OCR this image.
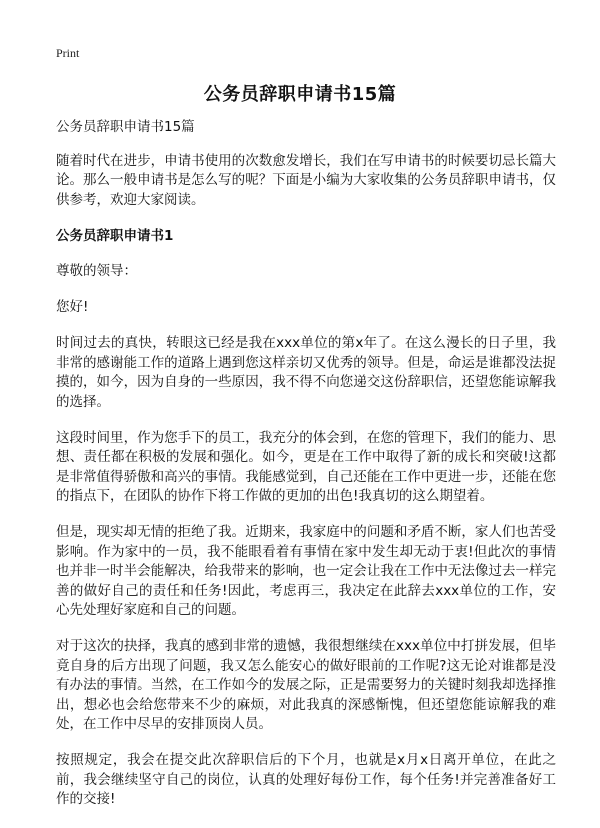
Print
公务员辞职申请书15篇

公务员辞职申请书15篇

随着时代在进步，申请书使用的次数愈发增长，我们在写申请书的时候要切忌长篇大论。那么一般申请书是怎么写的呢？下面是小编为大家收集的公务员辞职申请书，仅供参考，欢迎大家阅读。

公务员辞职申请书1

尊敬的领导：

您好!

时间过去的真快，转眼这已经是我在xxx单位的第x年了。在这么漫长的日子里，我非常的感谢能工作的道路上遇到您这样亲切又优秀的领导。但是，命运是谁都没法捉摸的，如今，因为自身的一些原因，我不得不向您递交这份辞职信，还望您能谅解我的选择。

这段时间里，作为您手下的员工，我充分的体会到，在您的管理下，我们的能力、思想、责任都在积极的发展和强化。如今，更是在工作中取得了新的成长和突破!这都是非常值得骄傲和高兴的事情。我能感觉到，自己还能在工作中更进一步，还能在您的指点下，在团队的协作下将工作做的更加的出色!我真切的这么期望着。

但是，现实却无情的拒绝了我。近期来，我家庭中的问题和矛盾不断，家人们也苦受影响。作为家中的一员，我不能眼看着有事情在家中发生却无动于衷!但此次的事情也并非一时半会能解决，给我带来的影响，也一定会让我在工作中无法像过去一样完善的做好自己的责任和任务!因此，考虑再三，我决定在此辞去xxx单位的工作，安心先处理好家庭和自己的问题。

对于这次的抉择，我真的感到非常的遗憾，我很想继续在xxx单位中打拼发展，但毕竟自身的后方出现了问题，我又怎么能安心的做好眼前的工作呢?这无论对谁都是没有办法的事情。当然，在工作如今的发展之际，正是需要努力的关键时刻我却选择推出，想必也会给您带来不少的麻烦，对此我真的深感惭愧，但还望您能谅解我的难处，在工作中尽早的安排顶岗人员。

按照规定，我会在提交此次辞职信后的下个月，也就是x月x日离开单位，在此之前，我会继续坚守自己的岗位，认真的处理好每份工作，每个任务!并完善准备好工作的交接!
